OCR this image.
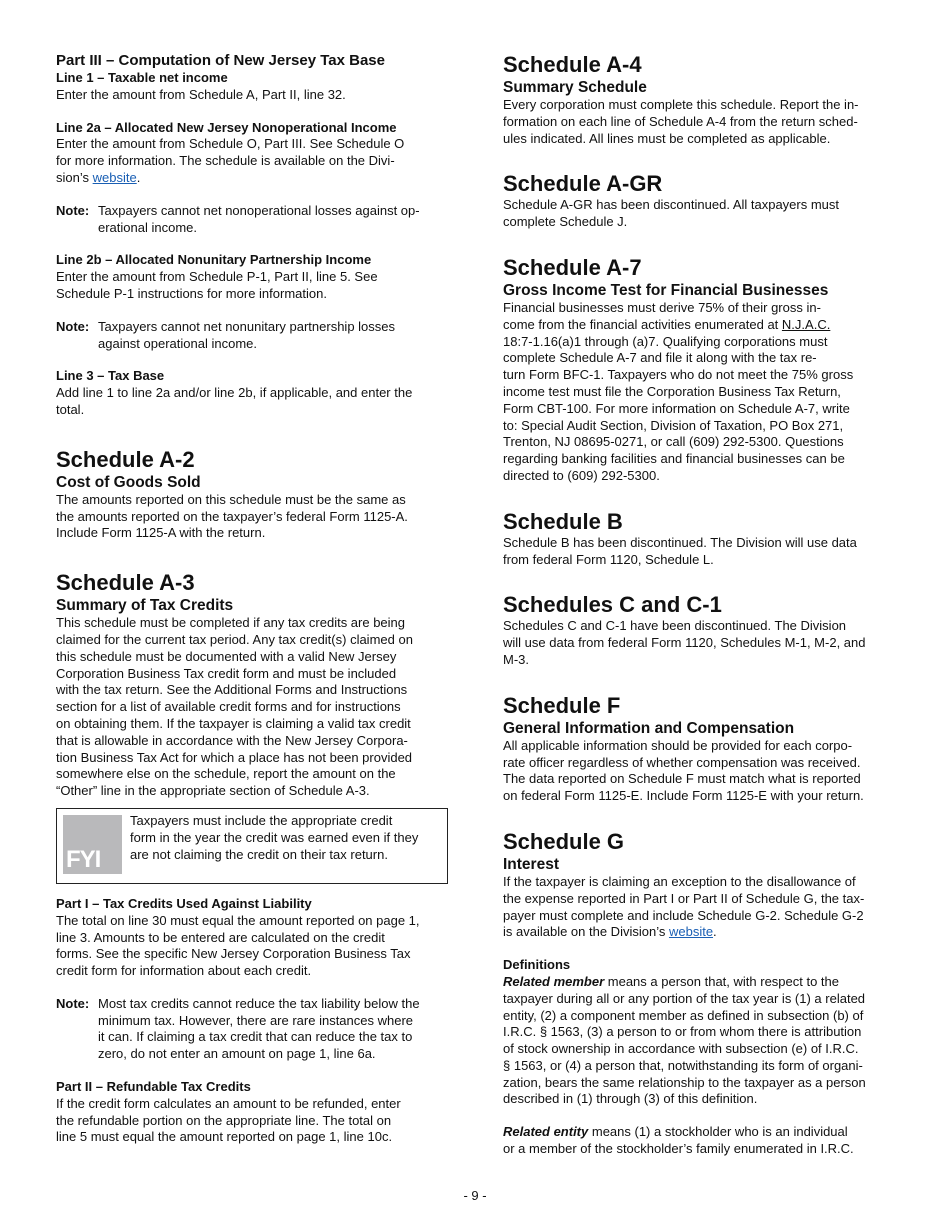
Part III – Computation of New Jersey Tax Base

Line 1 – Taxable net income

Enter the amount from Schedule A, Part II, line 32.

Line 2a – Allocated New Jersey Nonoperational Income

Enter the amount from Schedule O, Part III. See Schedule O

for more information. The schedule is available on the Divi-

sion’s website.

Note: Taxpayers cannot net nonoperational losses against op-
erational income.

Line 2b – Allocated Nonunitary Partnership Income

Enter the amount from Schedule P-1, Part II, line 5. See

Schedule P-1 instructions for more information.

Note: Taxpayers cannot net nonunitary partnership losses
against operational income.

Line 3 – Tax Base

Add line 1 to line 2a and/or line 2b, if applicable, and enter the

total.

Schedule A-2

Cost of Goods Sold

The amounts reported on this schedule must be the same as

the amounts reported on the taxpayer’s federal Form 1125-A.

Include Form 1125-A with the return.

Schedule A-3

Summary of Tax Credits

This schedule must be completed if any tax credits are being

claimed for the current tax period. Any tax credit(s) claimed on

this schedule must be documented with a valid New Jersey

Corporation Business Tax credit form and must be included

with the tax return. See the Additional Forms and Instructions

section for a list of available credit forms and for instructions

on obtaining them. If the taxpayer is claiming a valid tax credit

that is allowable in accordance with the New Jersey Corpora-

tion Business Tax Act for which a place has not been provided

somewhere else on the schedule, report the amount on the

“Other” line in the appropriate section of Schedule A-3.

FYI

Taxpayers must include the appropriate credit

form in the year the credit was earned even if they

are not claiming the credit on their tax return.

Part I – Tax Credits Used Against Liability

The total on line 30 must equal the amount reported on page 1,

line 3. Amounts to be entered are calculated on the credit

forms. See the specific New Jersey Corporation Business Tax

credit form for information about each credit.

Note: Most tax credits cannot reduce the tax liability below the
minimum tax. However, there are rare instances where
it can. If claiming a tax credit that can reduce the tax to
zero, do not enter an amount on page 1, line 6a.

Part II – Refundable Tax Credits

If the credit form calculates an amount to be refunded, enter

the refundable portion on the appropriate line. The total on

line 5 must equal the amount reported on page 1, line 10c.

Schedule A-4

Summary Schedule

Every corporation must complete this schedule. Report the in-

formation on each line of Schedule A-4 from the return sched-

ules indicated. All lines must be completed as applicable.

Schedule A-GR

Schedule A-GR has been discontinued. All taxpayers must

complete Schedule J.

Schedule A-7

Gross Income Test for Financial Businesses

Financial businesses must derive 75% of their gross in-

come from the financial activities enumerated at N.J.A.C.

18:7-1.16(a)1 through (a)7. Qualifying corporations must

complete Schedule A-7 and file it along with the tax re-

turn Form BFC-1. Taxpayers who do not meet the 75% gross

income test must file the Corporation Business Tax Return,

Form CBT-100. For more information on Schedule A-7, write

to: Special Audit Section, Division of Taxation, PO Box 271,

Trenton, NJ 08695-0271, or call (609) 292-5300. Questions

regarding banking facilities and financial businesses can be

directed to (609) 292-5300.

Schedule B

Schedule B has been discontinued. The Division will use data

from federal Form 1120, Schedule L.

Schedules C and C-1

Schedules C and C-1 have been discontinued. The Division

will use data from federal Form 1120, Schedules M-1, M-2, and

M-3.

Schedule F

General Information and Compensation

All applicable information should be provided for each corpo-

rate officer regardless of whether compensation was received.

The data reported on Schedule F must match what is reported

on federal Form 1125-E. Include Form 1125-E with your return.

Schedule G

Interest

If the taxpayer is claiming an exception to the disallowance of

the expense reported in Part I or Part II of Schedule G, the tax-

payer must complete and include Schedule G-2. Schedule G-2

is available on the Division’s website.

Definitions

Related member means a person that, with respect to the

taxpayer during all or any portion of the tax year is (1) a related

entity, (2) a component member as defined in subsection (b) of

I.R.C. § 1563, (3) a person to or from whom there is attribution

of stock ownership in accordance with subsection (e) of I.R.C.

§ 1563, or (4) a person that, notwithstanding its form of organi-

zation, bears the same relationship to the taxpayer as a person

described in (1) through (3) of this definition.

Related entity means (1) a stockholder who is an individual

or a member of the stockholder’s family enumerated in I.R.C.

- 9 -
